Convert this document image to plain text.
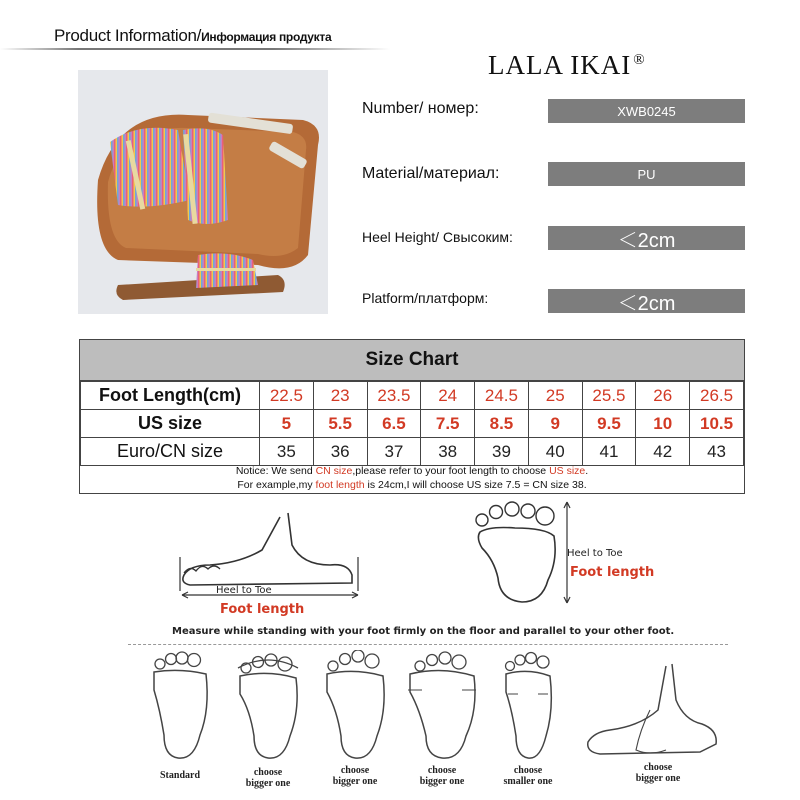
Product Information/Информация продукта
LALA IKAI ®
Number/ номер:	XWB0245
Material/материал:	PU
Heel Height/ Свысоким:	＜2cm
Platform/платформ:	＜2cm
Size Chart
Foot Length(cm)	22.5	23	23.5	24	24.5	25	25.5	26	26.5
US size	5	5.5	6.5	7.5	8.5	9	9.5	10	10.5
Euro/CN size	35	36	37	38	39	40	41	42	43
Notice: We send CN size,please refer to your foot length to choose US size.
For example,my foot length is 24cm,I will choose US size 7.5 = CN size 38.
Heel to Toe
Foot length
Heel to Toe
Foot length
Measure while standing with your foot firmly on the floor and parallel to your other foot.
Standard	choose
bigger one
choose
bigger one
choose
bigger one
choose
smaller one
choose
bigger one
